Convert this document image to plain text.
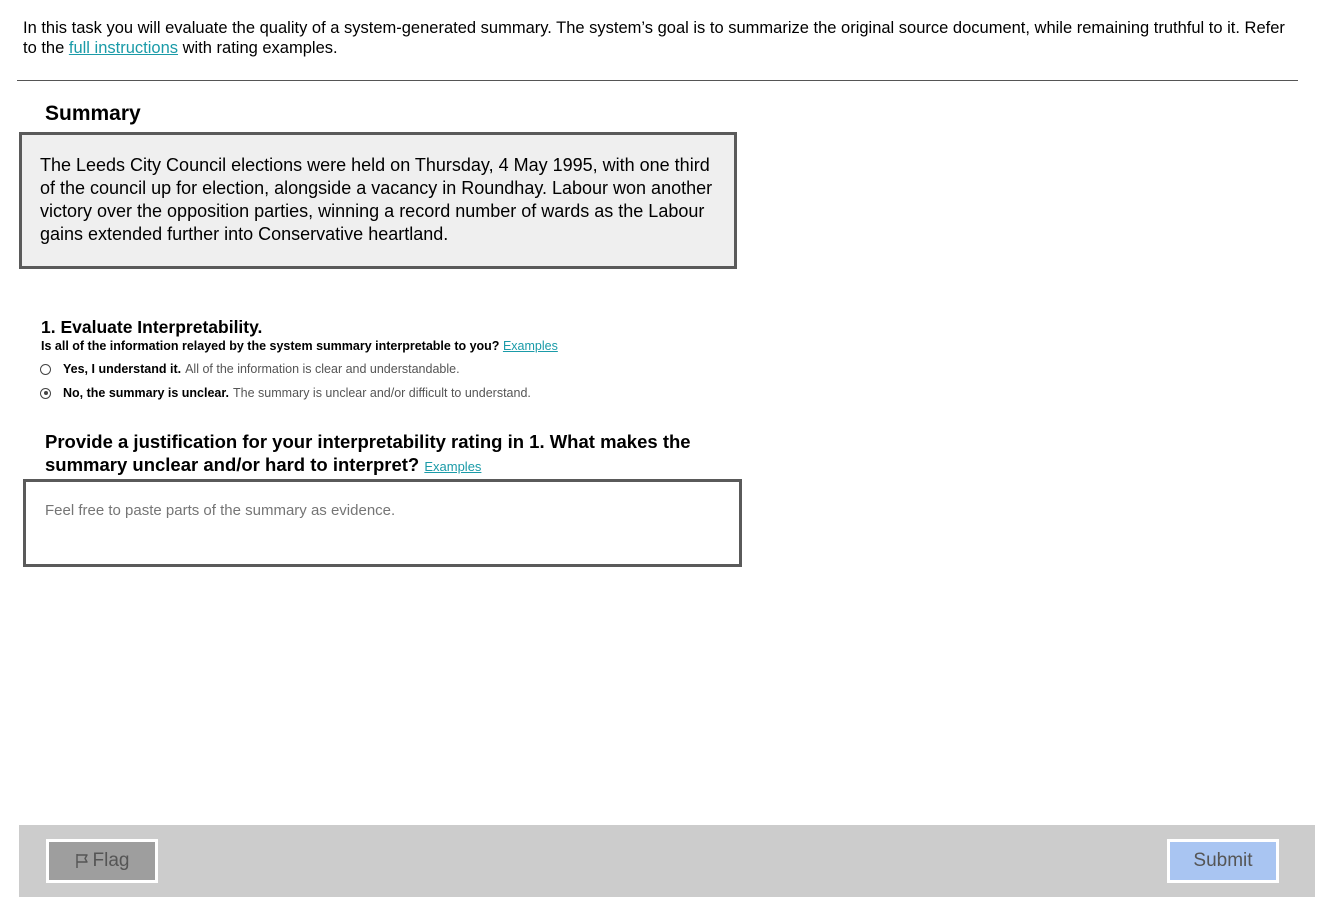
In this task you will evaluate the quality of a system-generated summary. The system’s goal is to summarize the original source document, while remaining truthful to it. Refer to the full instructions with rating examples.

Summary
The Leeds City Council elections were held on Thursday, 4 May 1995, with one third of the council up for election, alongside a vacancy in Roundhay. Labour won another victory over the opposition parties, winning a record number of wards as the Labour gains extended further into Conservative heartland.
1. Evaluate Interpretability.

Is all of the information relayed by the system summary interpretable to you? Examples

Yes, I understand it. All of the information is clear and understandable.
No, the summary is unclear. The summary is unclear and/or difficult to understand.
Provide a justification for your interpretability rating in 1. What makes the summary unclear and/or hard to interpret? Examples
Feel free to paste parts of the summary as evidence.
Flag	Submit
